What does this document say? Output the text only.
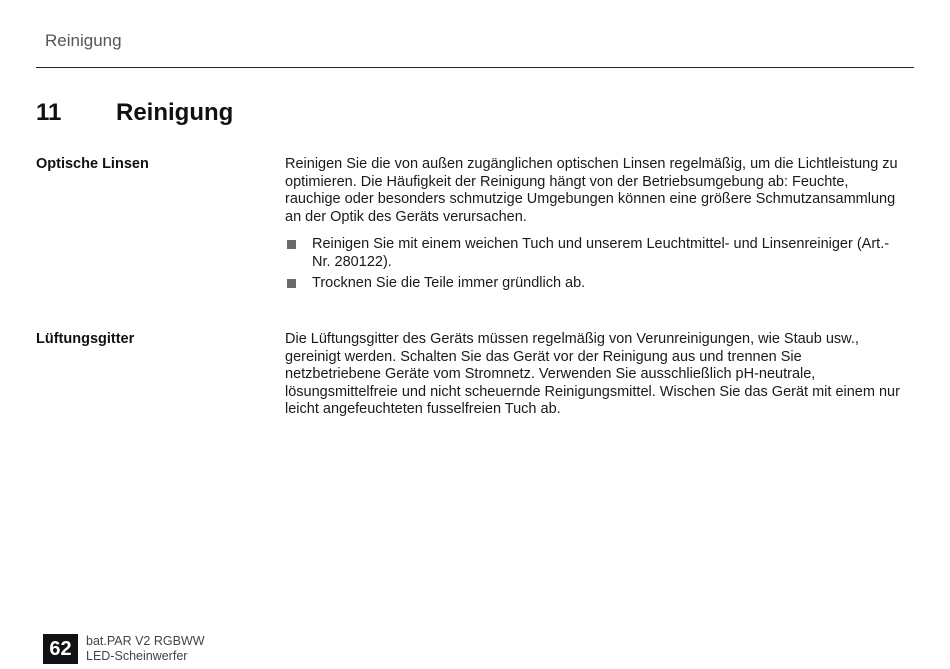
Reinigung
11 Reinigung
Optische Linsen	Reinigen Sie die von außen zugänglichen optischen Linsen regelmäßig, um die Lichtleistung zu optimieren. Die Häufigkeit der Reinigung hängt von der Betriebsumgebung ab: Feuchte, rauchige oder besonders schmutzige Umgebungen können eine größere Schmutzansammlung an der Optik des Geräts verursachen.

Reinigen Sie mit einem weichen Tuch und unserem Leuchtmittel- und Linsenreiniger (Art.-Nr. 280122).
Trocknen Sie die Teile immer gründlich ab.
Lüftungsgitter	Die Lüftungsgitter des Geräts müssen regelmäßig von Verunreinigungen, wie Staub usw., gereinigt werden. Schalten Sie das Gerät vor der Reinigung aus und trennen Sie netzbetriebene Geräte vom Stromnetz. Verwenden Sie ausschließlich pH-neutrale, lösungsmittelfreie und nicht scheuernde Reinigungsmittel. Wischen Sie das Gerät mit einem nur leicht angefeuchteten fusselfreien Tuch ab.

62	bat.PAR V2 RGBWW
LED-Scheinwerfer
